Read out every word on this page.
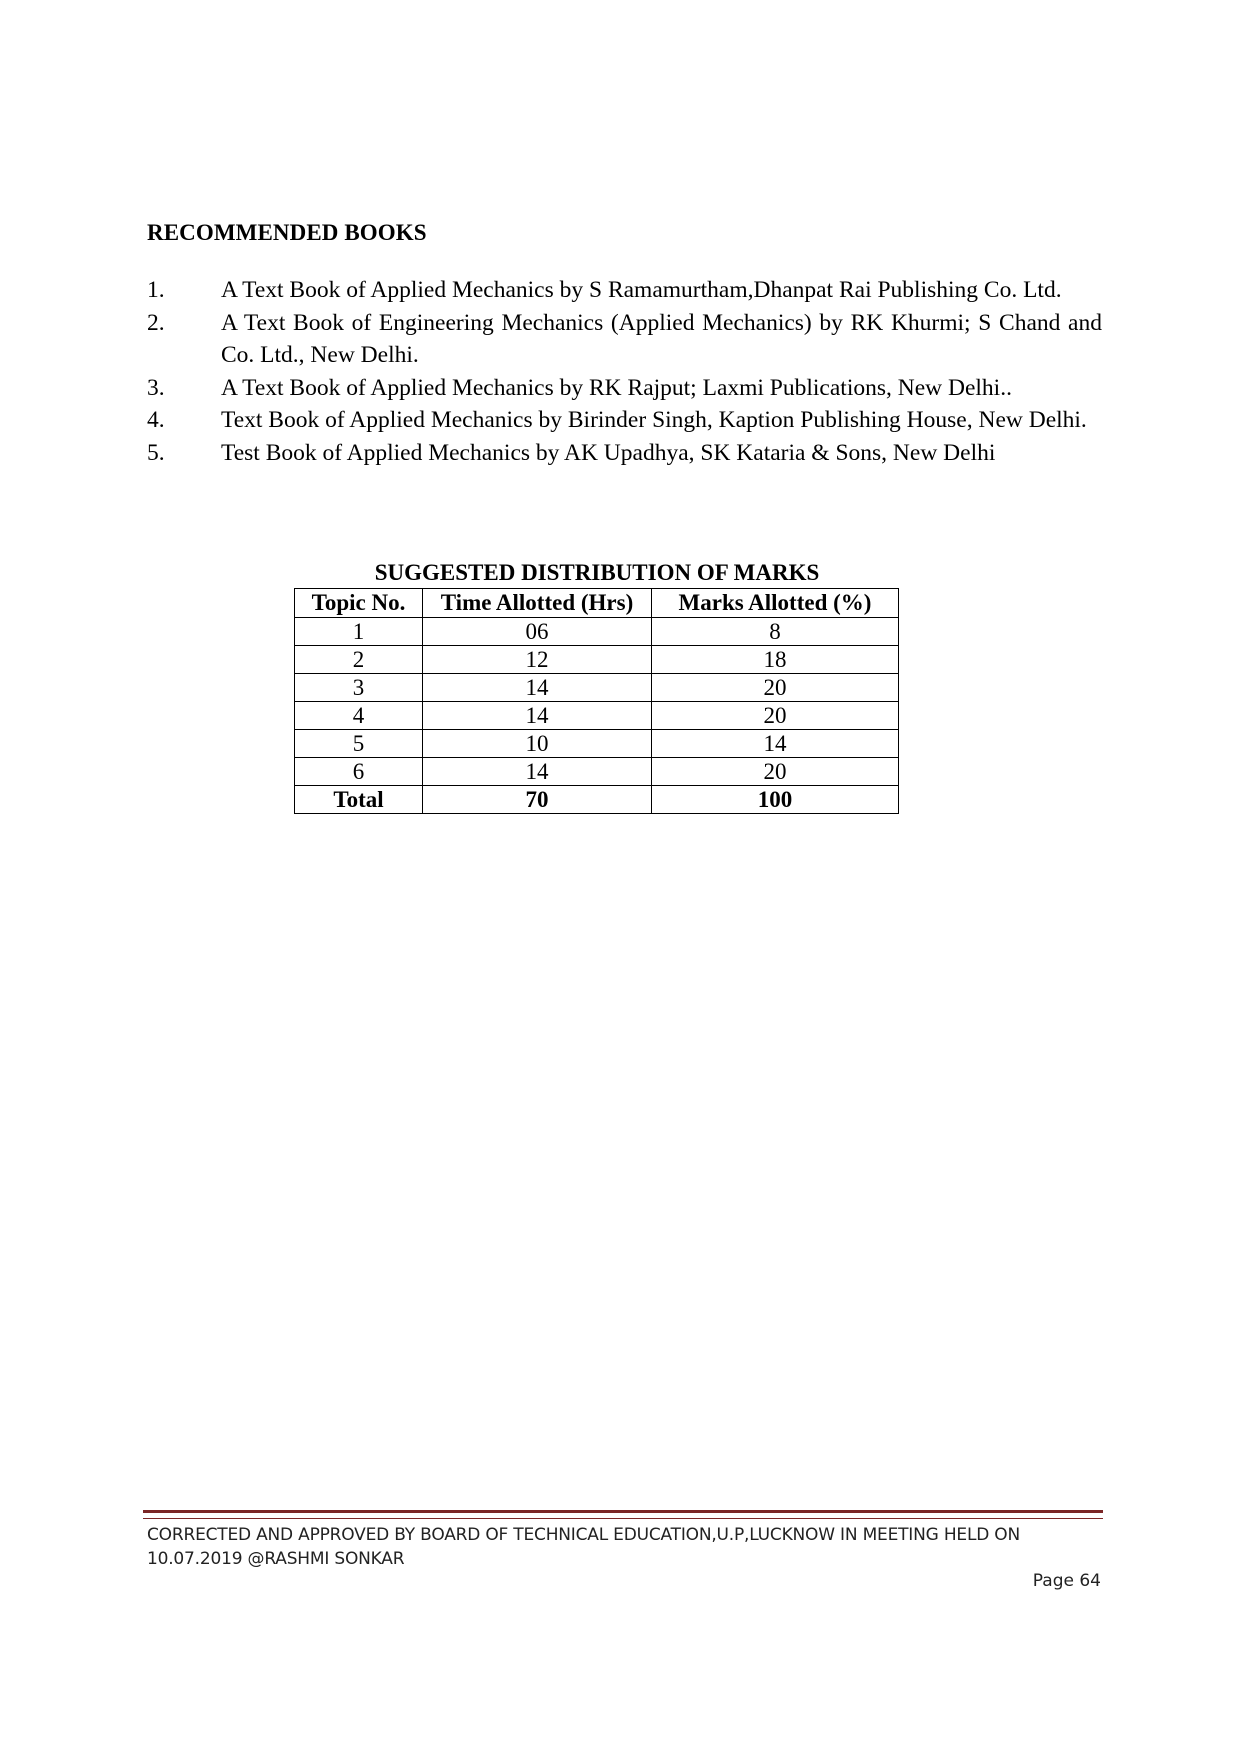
RECOMMENDED BOOKS
1.	A Text Book of Applied Mechanics by S Ramamurtham,Dhanpat Rai Publishing Co. Ltd.
2.	A Text Book of Engineering Mechanics (Applied Mechanics) by RK Khurmi; S Chand and Co. Ltd., New Delhi.
3.	A Text Book of Applied Mechanics by RK Rajput; Laxmi Publications, New Delhi..
4.	Text Book of Applied Mechanics by Birinder Singh, Kaption Publishing House, New Delhi.
5.	Test Book of Applied Mechanics by AK Upadhya, SK Kataria & Sons, New Delhi
SUGGESTED DISTRIBUTION OF MARKS
Topic No.	Time Allotted (Hrs)	Marks Allotted (%)
1	06	8
2	12	18
3	14	20
4	14	20
5	10	14
6	14	20
Total	70	100
CORRECTED AND APPROVED BY BOARD OF TECHNICAL EDUCATION,U.P,LUCKNOW IN MEETING HELD ON
10.07.2019 @RASHMI SONKAR
Page 64
